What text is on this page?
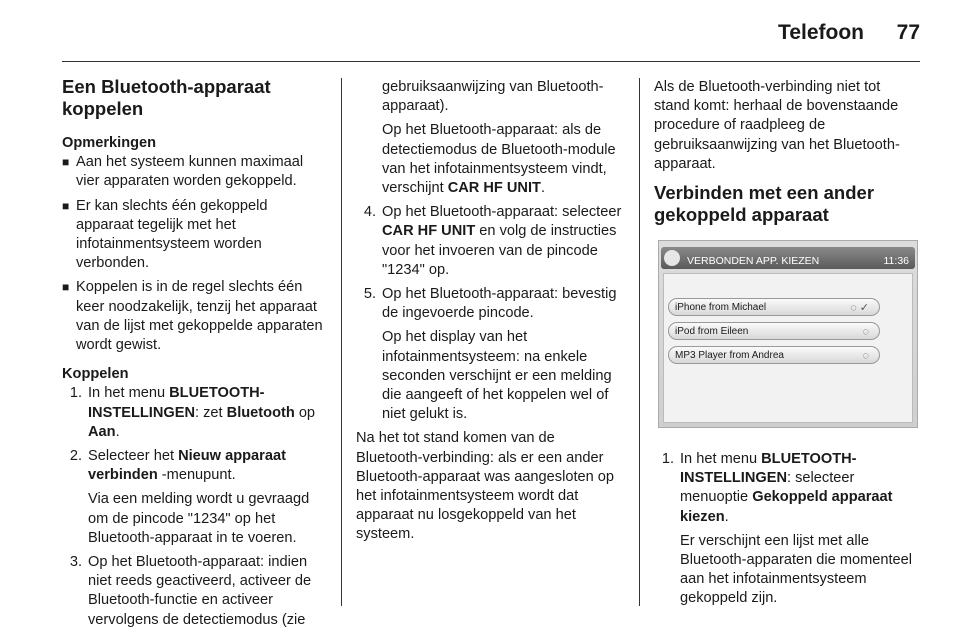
Telefoon 77
Een Bluetooth-apparaat koppelen

Opmerkingen

■ Aan het systeem kunnen maximaal vier apparaten worden gekoppeld.
■ Er kan slechts één gekoppeld apparaat tegelijk met het infotainmentsysteem worden verbonden.
■ Koppelen is in de regel slechts één keer noodzakelijk, tenzij het apparaat van de lijst met gekoppelde apparaten wordt gewist.

Koppelen

1. In het menu BLUETOOTH-INSTELLINGEN: zet Bluetooth op Aan.
2. Selecteer het Nieuw apparaat verbinden -menupunt.

Via een melding wordt u gevraagd om de pincode "1234" op het Bluetooth-apparaat in te voeren.

3. Op het Bluetooth-apparaat: indien niet reeds geactiveerd, activeer de Bluetooth-functie en activeer vervolgens de detectiemodus (zie

gebruiksaanwijzing van Bluetooth-apparaat).

Op het Bluetooth-apparaat: als de detectiemodus de Bluetooth-module van het infotainmentsysteem vindt, verschijnt CAR HF UNIT.

4. Op het Bluetooth-apparaat: selecteer CAR HF UNIT en volg de instructies voor het invoeren van de pincode "1234" op.
5. Op het Bluetooth-apparaat: bevestig de ingevoerde pincode.

Op het display van het infotainmentsysteem: na enkele seconden verschijnt er een melding die aangeeft of het koppelen wel of niet gelukt is.

Na het tot stand komen van de Bluetooth-verbinding: als er een ander Bluetooth-apparaat was aangesloten op het infotainmentsysteem wordt dat apparaat nu losgekoppeld van het systeem.

Als de Bluetooth-verbinding niet tot stand komt: herhaal de bovenstaande procedure of raadpleeg de gebruiksaanwijzing van het Bluetooth-apparaat.

Verbinden met een ander gekoppeld apparaat
VERBONDEN APP. KIEZEN	11:36
iPhone from Michael	◌ ✓
iPod from Eileen	◌
MP3 Player from Andrea	◌
1. In het menu BLUETOOTH-INSTELLINGEN: selecteer menuoptie Gekoppeld apparaat kiezen.

Er verschijnt een lijst met alle Bluetooth-apparaten die momenteel aan het infotainmentsysteem gekoppeld zijn.
